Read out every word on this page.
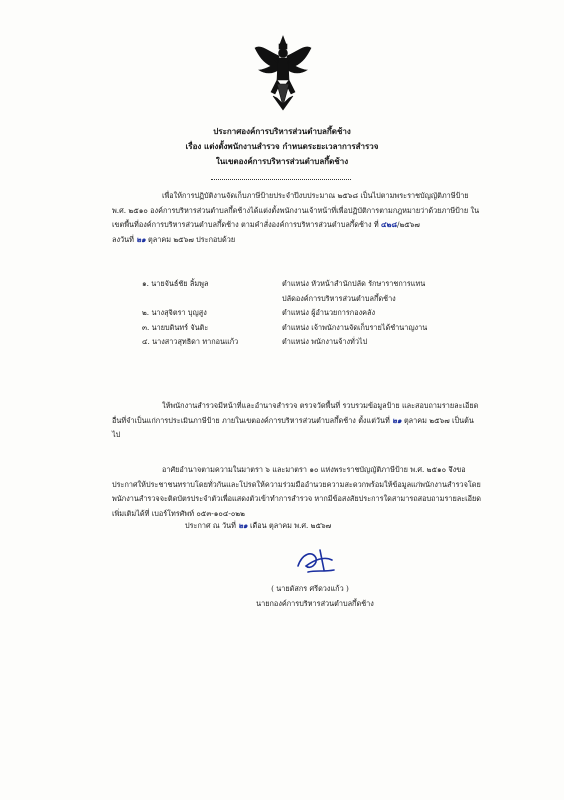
ประกาศองค์การบริหารส่วนตำบลกึ้ดช้าง
เรื่อง แต่งตั้งพนักงานสำรวจ กำหนดระยะเวลาการสำรวจ
ในเขตองค์การบริหารส่วนตำบลกึ้ดช้าง
เพื่อให้การปฏิบัติงานจัดเก็บภาษีป้ายประจำปีงบประมาณ ๒๕๖๘ เป็นไปตามพระราชบัญญัติภาษีป้าย พ.ศ. ๒๕๑๐ องค์การบริหารส่วนตำบลกึ้ดช้างได้แต่งตั้งพนักงานเจ้าหน้าที่เพื่อปฏิบัติการตามกฎหมายว่าด้วยภาษีป้าย ในเขตพื้นที่องค์การบริหารส่วนตำบลกึ้ดช้าง ตามคำสั่งองค์การบริหารส่วนตำบลกึ้ดช้าง ที่ ๔๒๘/๒๕๖๗
ลงวันที่ ๒๑ ตุลาคม ๒๕๖๗ ประกอบด้วย
๑. นายจันธ์ชัย ลิ้มพูล	ตำแหน่ง หัวหน้าสำนักปลัด รักษาราชการแทน
ปลัดองค์การบริหารส่วนตำบลกึ้ดช้าง
๒. นางสุจิตรา บุญสูง	ตำแหน่ง ผู้อำนวยการกองคลัง
๓. นายบดินทร์ จันติะ	ตำแหน่ง เจ้าพนักงานจัดเก็บรายได้ชำนาญงาน
๔. นางสาวสุทธิดา ทากอนแก้ว	ตำแหน่ง พนักงานจ้างทั่วไป
ให้พนักงานสำรวจมีหน้าที่และอำนาจสำรวจ ตรวจวัดพื้นที่ รวบรวมข้อมูลป้าย และสอบถามรายละเอียดอื่นที่จำเป็นแก่การประเมินภาษีป้าย ภายในเขตองค์การบริหารส่วนตำบลกึ้ดช้าง ตั้งแต่วันที่ ๒๑ ตุลาคม ๒๕๖๗ เป็นต้นไป
อาศัยอำนาจตามความในมาตรา ๖ และมาตรา ๑๐ แห่งพระราชบัญญัติภาษีป้าย พ.ศ. ๒๕๑๐ จึงขอประกาศให้ประชาชนทราบโดยทั่วกันและโปรดให้ความร่วมมืออำนวยความสะดวกพร้อมให้ข้อมูลแก่พนักงานสำรวจโดยพนักงานสำรวจจะติดบัตรประจำตัวเพื่อแสดงตัวเข้าทำการสำรวจ หากมีข้อสงสัยประการใดสามารถสอบถามรายละเอียดเพิ่มเติมได้ที่ เบอร์โทรศัพท์ ๐๕๓-๑๐๔-๐๒๒
ประกาศ ณ วันที่ ๒๑ เดือน ตุลาคม พ.ศ. ๒๕๖๗
( นายดัสกร ศรีดวงแก้ว )
นายกองค์การบริหารส่วนตำบลกึ้ดช้าง
